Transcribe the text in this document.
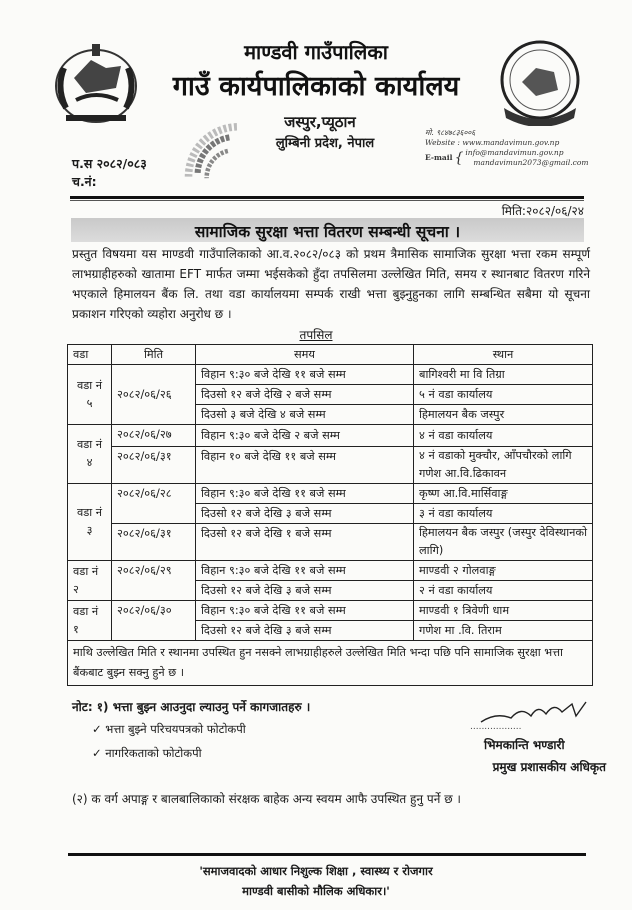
माण्डवी गाउँपालिका
गाउँ कार्यपालिकाको कार्यालय
जस्पुर,प्यूठान
लुम्बिनी प्रदेश, नेपाल
मो. ९८४७८३६००६
Website : www.mandavimun.gov.np
E-mail { info@mandavimun.gov.np
mandavimun2073@gmail.com
प.स २०८२/०८३
च.नं:
मिति:२०८२/०६/२४
सामाजिक सुरक्षा भत्ता वितरण सम्बन्धी सूचना ।
प्रस्तुत विषयमा यस माण्डवी गाउँपालिकाको आ.व.२०८२/०८३ को प्रथम त्रैमासिक सामाजिक सुरक्षा भत्ता रकम सम्पूर्ण लाभग्राहीहरुको खातामा EFT मार्फत जम्मा भईसकेको हुँदा तपसिलमा उल्लेखित मिति, समय र स्थानबाट वितरण गरिने भएकाले हिमालयन बैंक लि. तथा वडा कार्यालयमा सम्पर्क राखी भत्ता बुझ्नुहुनका लागि सम्बन्धित सबैमा यो सूचना प्रकाशन गरिएको व्यहोरा अनुरोध छ ।
तपसिल
वडा	मिति	समय	स्थान
वडा नं ५	२०८२/०६/२६	विहान ९:३० बजे देखि ११ बजे सम्म	बागिश्वरी मा वि तिग्रा
		दिउसो १२ बजे देखि २ बजे सम्म	५ नं वडा कार्यालय
		दिउसो ३ बजे देखि ४ बजे सम्म	हिमालयन बैक जस्पुर
वडा नं ४	२०८२/०६/२७	विहान ९:३० बजे देखि २ बजे सम्म	४ नं वडा कार्यालय
	२०८२/०६/३१	विहान १० बजे देखि ११ बजे सम्म	४ नं वडाको मुक्चौर, आँपचौरको लागि गणेश आ.वि.ढिकावन
वडा नं ३	२०८२/०६/२८	विहान ९:३० बजे देखि ११ बजे सम्म	कृष्ण आ.वि.मार्सिवाङ्ग
		दिउसो १२ बजे देखि ३ बजे सम्म	३ नं वडा कार्यालय
	२०८२/०६/३१	दिउसो १२ बजे देखि १ बजे सम्म	हिमालयन बैक जस्पुर (जस्पुर देविस्थानको लागि)
वडा नं २	२०८२/०६/२९	विहान ९:३० बजे देखि ११ बजे सम्म	माण्डवी २ गोलवाङ्ग
		दिउसो १२ बजे देखि ३ बजे सम्म	२ नं वडा कार्यालय
वडा नं १	२०८२/०६/३०	विहान ९:३० बजे देखि ११ बजे सम्म	माण्डवी १ त्रिवेणी धाम
		दिउसो १२ बजे देखि ३ बजे सम्म	गणेश मा .वि. तिराम
माथि उल्लेखित मिति र स्थानमा उपस्थित हुन नसक्ने लाभग्राहीहरुले उल्लेखित मिति भन्दा पछि पनि सामाजिक सुरक्षा भत्ता बैंकबाट बुझ्न सक्नु हुने छ ।			
नोट: १) भत्ता बुझ्न आउनुदा ल्याउनु पर्ने कागजातहरु ।
✓ भत्ता बुझ्ने परिचयपत्रको फोटोकपी
✓ नागरिकताको फोटोकपी
..................
भिमकान्ति भण्डारी
प्रमुख प्रशासकीय अधिकृत
(२) क वर्ग अपाङ्ग र बालबालिकाको संरक्षक बाहेक अन्य स्वयम आफै उपस्थित हुनु पर्ने छ ।
'समाजवादको आधार निशुल्क शिक्षा , स्वास्थ्य र रोजगार
माण्डवी बासीको मौलिक अधिकार।'
